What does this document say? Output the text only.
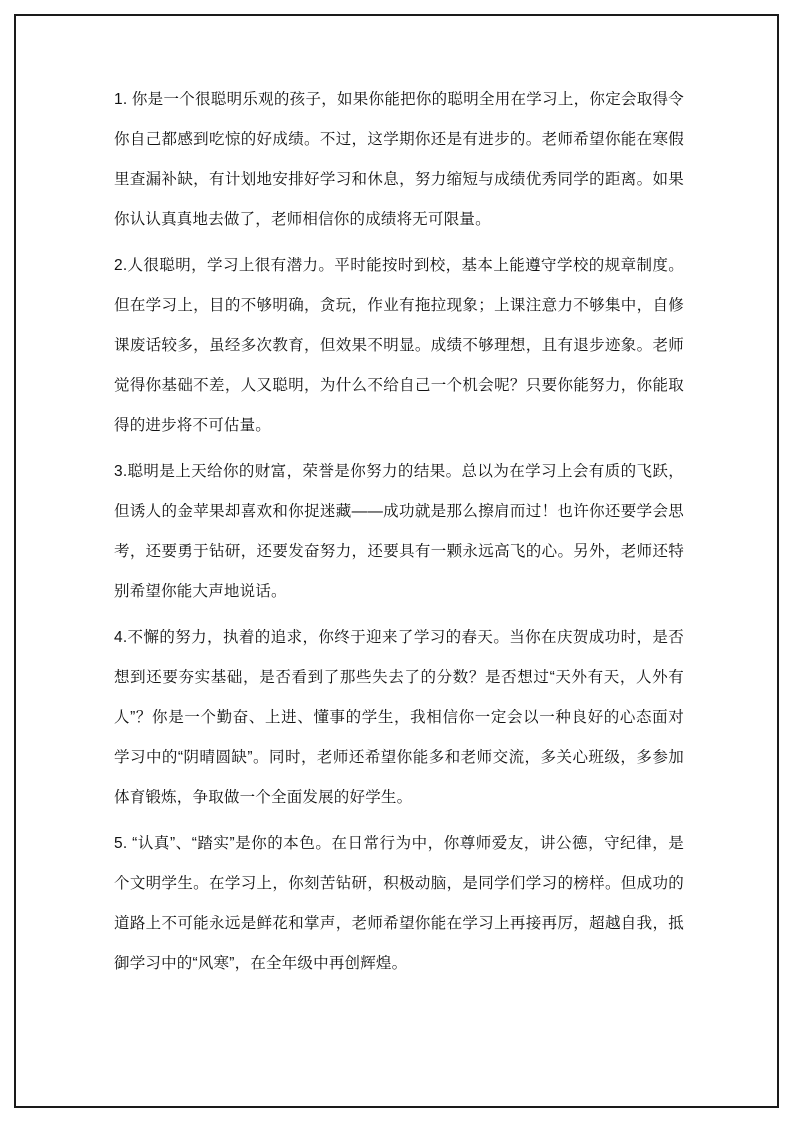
1. 你是一个很聪明乐观的孩子，如果你能把你的聪明全用在学习上，你定会取得令你自己都感到吃惊的好成绩。不过，这学期你还是有进步的。老师希望你能在寒假里查漏补缺，有计划地安排好学习和休息，努力缩短与成绩优秀同学的距离。如果你认认真真地去做了，老师相信你的成绩将无可限量。

2.人很聪明，学习上很有潜力。平时能按时到校，基本上能遵守学校的规章制度。但在学习上，目的不够明确，贪玩，作业有拖拉现象；上课注意力不够集中，自修课废话较多，虽经多次教育，但效果不明显。成绩不够理想，且有退步迹象。老师觉得你基础不差，人又聪明，为什么不给自己一个机会呢？只要你能努力，你能取得的进步将不可估量。

3.聪明是上天给你的财富，荣誉是你努力的结果。总以为在学习上会有质的飞跃，但诱人的金苹果却喜欢和你捉迷藏——成功就是那么擦肩而过！也许你还要学会思考，还要勇于钻研，还要发奋努力，还要具有一颗永远高飞的心。另外，老师还特别希望你能大声地说话。

4.不懈的努力，执着的追求，你终于迎来了学习的春天。当你在庆贺成功时，是否想到还要夯实基础，是否看到了那些失去了的分数？是否想过“天外有天，人外有人”？你是一个勤奋、上进、懂事的学生，我相信你一定会以一种良好的心态面对学习中的“阴晴圆缺”。同时，老师还希望你能多和老师交流，多关心班级，多参加体育锻炼，争取做一个全面发展的好学生。

5. “认真”、“踏实”是你的本色。在日常行为中，你尊师爱友，讲公德，守纪律，是个文明学生。在学习上，你刻苦钻研，积极动脑，是同学们学习的榜样。但成功的道路上不可能永远是鲜花和掌声，老师希望你能在学习上再接再厉，超越自我，抵御学习中的“风寒”，在全年级中再创辉煌。
